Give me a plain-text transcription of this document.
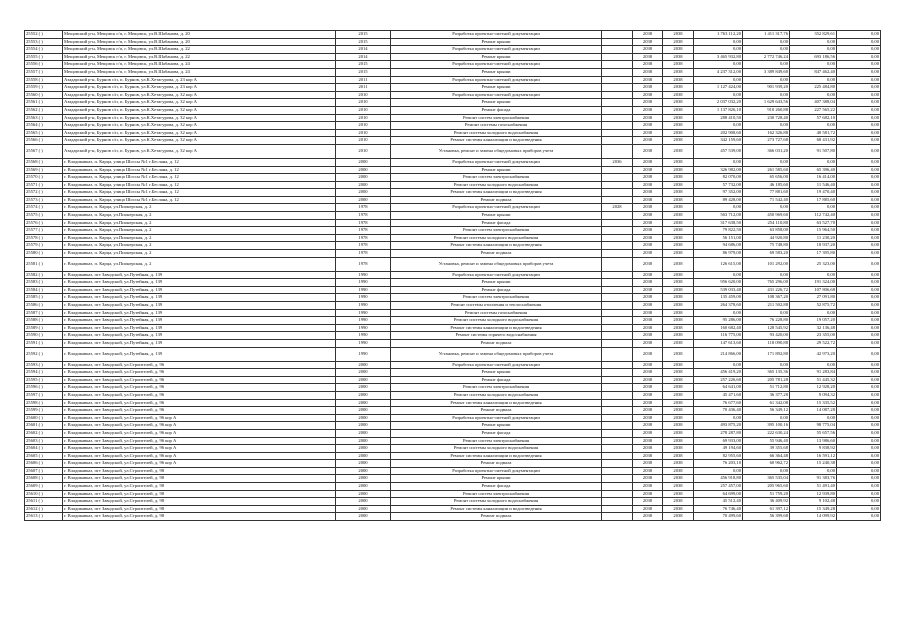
25552 ( )	Мещовский р-н, Мещовск г/п, г. Мещовск, ул.В.Шабанова, д. 20	2015	Разработка проектно-сметной документации		2038	2038	1 763 112,20	1 411 317,76	352 829,61	0,00
25553 ( )	Мещовский р-н, Мещовск г/п, г. Мещовск, ул.В.Шабанова, д. 20	2015	Ремонт крыши		2038	2038	0,00	0,00	0,00	0,00
25554 ( )	Мещовский р-н, Мещовск г/п, г. Мещовск, ул.В.Шабанова, д. 22	2014	Разработка проектно-сметной документации		2038	2038	0,00	0,00	0,00	0,00
25555 ( )	Мещовский р-н, Мещовск г/п, г. Мещовск, ул.В.Шабанова, д. 22	2014	Ремонт крыши		2038	2038	3 465 932,80	2 772 746,24	693 186,56	0,00
25556 ( )	Мещовский р-н, Мещовск г/п, г. Мещовск, ул.В.Шабанова, д. 24	2015	Разработка проектно-сметной документации		2038	2038	0,00	0,00	0,00	0,00
25557 ( )	Мещовский р-н, Мещовск г/п, г. Мещовск, ул.В.Шабанова, д. 24	2015	Ремонт крыши		2038	2038	4 237 312,00	3 389 849,60	847 462,40	0,00
25558 ( )	Азадарский р-н, Бурнов с/п, п. Бурнов, ул.К.Хетагурова, д. 23 кор А	2011	Разработка проектно-сметной документации		2038	2038	0,00	0,00	0,00	0,00
25559 ( )	Азадарский р-н, Бурнов с/п, п. Бурнов, ул.К.Хетагурова, д. 23 кор А	2011	Ремонт крыши		2038	2038	1 127 424,00	901 939,20	225 484,80	0,00
25560 ( )	Азадарский р-н, Бурнов с/п, п. Бурнов, ул.К.Хетагурова, д. 32 кор А	2010	Разработка проектно-сметной документации		2038	2038	0,00	0,00	0,00	0,00
25561 ( )	Азадарский р-н, Бурнов с/п, п. Бурнов, ул.К.Хетагурова, д. 32 кор А	2010	Ремонт крыши		2038	2038	2 037 032,20	1 629 643,56	407 388,04	0,00
25562 ( )	Азадарский р-н, Бурнов с/п, п. Бурнов, ул.К.Хетагурова, д. 32 кор А	2010	Ремонт фасада		2038	2038	1 137 826,10	910 260,88	227 565,22	0,00
25563 ( )	Азадарский р-н, Бурнов с/п, п. Бурнов, ул.К.Хетагурова, д. 32 кор А	2010	Ремонт систем электроснабжения		2038	2038	288 410,50	230 728,40	57 682,10	0,00
25564 ( )	Азадарский р-н, Бурнов с/п, п. Бурнов, ул.К.Хетагурова, д. 32 кор А	2010	Ремонт системы газоснабжения		2038	2038	0,00	0,00	0,00	0,00
25565 ( )	Азадарский р-н, Бурнов с/п, п. Бурнов, ул.К.Хетагурова, д. 32 кор А	2010	Ремонт системы холодного водоснабжения		2038	2038	202 908,60	162 326,88	40 581,72	0,00
25566 ( )	Азадарский р-н, Бурнов с/п, п. Бурнов, ул.К.Хетагурова, д. 32 кор А	2010	Ремонт системы канализации и водоотведения		2038	2038	342 159,60	273 727,68	68 431,92	0,00
25567 ( )	Азадарский р-н, Бурнов с/п, п. Бурнов, ул.К.Хетагурова, д. 32 кор А	2010	Установка, ремонт и замена общедомовых приборов учета		2038	2038	457 539,00	366 031,20	91 507,80	0,00
25568 ( )	г. Владикавказ, п. Карца, улица Шоссы №1 г.Беслана, д. 12	2000	Разработка проектно-сметной документации	2036	2038	2038	0,00	0,00	0,00	0,00
25569 ( )	г. Владикавказ, п. Карца, улица Шоссы №1 г.Беслана, д. 12	2000	Ремонт крыши		2038	2038	326 982,00	261 585,60	65 396,40	0,00
25570 ( )	г. Владикавказ, п. Карца, улица Шоссы №1 г.Беслана, д. 12	2000	Ремонт систем электроснабжения		2038	2038	82 070,00	65 656,00	16 414,00	0,00
25571 ( )	г. Владикавказ, п. Карца, улица Шоссы №1 г.Беслана, д. 12	2000	Ремонт системы холодного водоснабжения		2038	2038	57 732,00	46 185,60	11 546,40	0,00
25572 ( )	г. Владикавказ, п. Карца, улица Шоссы №1 г.Беслана, д. 12	2000	Ремонт системы канализации и водоотведения		2038	2038	97 352,00	77 881,60	19 470,40	0,00
25573 ( )	г. Владикавказ, п. Карца, улица Шоссы №1 г.Беслана, д. 12	2000	Ремонт подвала		2038	2038	89 428,00	71 542,40	17 885,60	0,00
25574 ( )	г. Владикавказ, п. Карца, ул.Пионерская, д. 2	1978	Разработка проектно-сметной документации	2028	2038	2038	0,00	0,00	0,00	0,00
25575 ( )	г. Владикавказ, п. Карца, ул.Пионерская, д. 2	1978	Ремонт крыши		2038	2038	563 712,00	450 969,60	112 742,40	0,00
25576 ( )	г. Владикавказ, п. Карца, ул.Пионерская, д. 2	1978	Ремонт фасада		2038	2038	317 638,50	254 110,80	63 527,70	0,00
25577 ( )	г. Владикавказ, п. Карца, ул.Пионерская, д. 2	1978	Ремонт систем электроснабжения		2038	2038	79 822,50	63 858,00	15 964,50	0,00
25578 ( )	г. Владикавказ, п. Карца, ул.Пионерская, д. 2	1978	Ремонт системы холодного водоснабжения		2038	2038	56 151,00	44 920,80	11 230,20	0,00
25579 ( )	г. Владикавказ, п. Карца, ул.Пионерская, д. 2	1978	Ремонт системы канализации и водоотведения		2038	2038	94 686,00	75 748,80	18 937,20	0,00
25580 ( )	г. Владикавказ, п. Карца, ул.Пионерская, д. 2	1978	Ремонт подвала		2038	2038	86 979,00	69 583,20	17 395,80	0,00
25581 ( )	г. Владикавказ, п. Карца, ул.Пионерская, д. 2	1978	Установка, ремонт и замена общедомовых приборов учета		2038	2038	126 615,00	101 292,00	25 323,00	0,00
25582 ( )	г. Владикавказ, пгт Заводской, ул.Путейная, д. 139	1990	Разработка проектно-сметной документации		2038	2038	0,00	0,00	0,00	0,00
25583 ( )	г. Владикавказ, пгт Заводской, ул.Путейная, д. 139	1990	Ремонт крыши		2038	2038	956 620,00	765 296,00	191 324,00	0,00
25584 ( )	г. Владикавказ, пгт Заводской, ул.Путейная, д. 139	1990	Ремонт фасада		2038	2038	539 033,40	431 226,72	107 806,68	0,00
25585 ( )	г. Владикавказ, пгт Заводской, ул.Путейная, д. 139	1990	Ремонт систем электроснабжения		2038	2038	135 459,00	108 367,20	27 091,80	0,00
25586 ( )	г. Владикавказ, пгт Заводской, ул.Путейная, д. 139	1990	Ремонт системы отопления и теплоснабжения		2038	2038	264 378,60	211 502,88	52 875,72	0,00
25587 ( )	г. Владикавказ, пгт Заводской, ул.Путейная, д. 139	1990	Ремонт системы газоснабжения		2038	2038	0,00	0,00	0,00	0,00
25588 ( )	г. Владикавказ, пгт Заводской, ул.Путейная, д. 139	1990	Ремонт системы холодного водоснабжения		2038	2038	95 286,00	76 228,80	19 057,20	0,00
25589 ( )	г. Владикавказ, пгт Заводской, ул.Путейная, д. 139	1990	Ремонт системы канализации и водоотведения		2038	2038	160 682,40	128 545,92	32 136,48	0,00
25590 ( )	г. Владикавказ, пгт Заводской, ул.Путейная, д. 139	1990	Ремонт системы горячего водоснабжения		2038	2038	116 775,00	93 420,00	23 355,00	0,00
25591 ( )	г. Владикавказ, пгт Заводской, ул.Путейная, д. 139	1990	Ремонт подвала		2038	2038	147 613,60	118 090,88	29 522,72	0,00
25592 ( )	г. Владикавказ, пгт Заводской, ул.Путейная, д. 139	1990	Установка, ремонт и замена общедомовых приборов учета		2038	2038	214 866,00	171 892,80	42 973,20	0,00
25593 ( )	г. Владикавказ, пгт Заводской, ул.Строителей, д. 96	2000	Разработка проектно-сметной документации		2038	2038	0,00	0,00	0,00	0,00
25594 ( )	г. Владикавказ, пгт Заводской, ул.Строителей, д. 96	2000	Ремонт крыши		2038	2038	456 419,20	365 135,36	91 283,84	0,00
25595 ( )	г. Владикавказ, пгт Заводской, ул.Строителей, д. 96	2000	Ремонт фасада		2038	2038	257 226,60	205 781,28	51 445,32	0,00
25596 ( )	г. Владикавказ, пгт Заводской, ул.Строителей, д. 96	2000	Ремонт систем электроснабжения		2038	2038	64 641,00	51 712,80	12 928,20	0,00
25597 ( )	г. Владикавказ, пгт Заводской, ул.Строителей, д. 96	2000	Ремонт системы холодного водоснабжения		2038	2038	45 471,60	36 377,28	9 094,32	0,00
25598 ( )	г. Владикавказ, пгт Заводской, ул.Строителей, д. 96	2000	Ремонт системы канализации и водоотведения		2038	2038	76 677,60	61 342,08	15 335,52	0,00
25599 ( )	г. Владикавказ, пгт Заводской, ул.Строителей, д. 96	2000	Ремонт подвала		2038	2038	70 436,40	56 349,12	14 087,28	0,00
25600 ( )	г. Владикавказ, пгт Заводской, ул.Строителей, д. 96 кор А	2000	Разработка проектно-сметной документации		2038	2038	0,00	0,00	0,00	0,00
25601 ( )	г. Владикавказ, пгт Заводской, ул.Строителей, д. 96 кор А	2000	Ремонт крыши		2038	2038	493 875,20	395 100,16	98 775,04	0,00
25602 ( )	г. Владикавказ, пгт Заводской, ул.Строителей, д. 96 кор А	2000	Ремонт фасада		2038	2038	278 287,80	222 630,24	55 657,56	0,00
25603 ( )	г. Владикавказ, пгт Заводской, ул.Строителей, д. 96 кор А	2000	Ремонт систем электроснабжения		2038	2038	69 933,00	55 946,40	13 986,60	0,00
25604 ( )	г. Владикавказ, пгт Заводской, ул.Строителей, д. 96 кор А	2000	Ремонт системы холодного водоснабжения		2038	2038	49 194,60	39 355,68	9 838,92	0,00
25605 ( )	г. Владикавказ, пгт Заводской, ул.Строителей, д. 96 кор А	2000	Ремонт системы канализации и водоотведения		2038	2038	82 955,60	66 364,48	16 591,12	0,00
25606 ( )	г. Владикавказ, пгт Заводской, ул.Строителей, д. 96 кор А	2000	Ремонт подвала		2038	2038	76 203,10	60 962,72	15 240,38	0,00
25607 ( )	г. Владикавказ, пгт Заводской, ул.Строителей, д. 98	2000	Разработка проектно-сметной документации		2038	2038	0,00	0,00	0,00	0,00
25608 ( )	г. Владикавказ, пгт Заводской, ул.Строителей, д. 98	2000	Ремонт крыши		2038	2038	456 918,80	365 535,04	91 383,76	0,00
25609 ( )	г. Владикавказ, пгт Заводской, ул.Строителей, д. 98	2000	Ремонт фасада		2038	2038	257 457,00	205 965,60	51 491,40	0,00
25610 ( )	г. Владикавказ, пгт Заводской, ул.Строителей, д. 98	2000	Ремонт систем электроснабжения		2038	2038	64 699,00	51 759,20	12 939,80	0,00
25611 ( )	г. Владикавказ, пгт Заводской, ул.Строителей, д. 98	2000	Ремонт системы холодного водоснабжения		2038	2038	45 512,40	36 409,92	9 102,48	0,00
25612 ( )	г. Владикавказ, пгт Заводской, ул.Строителей, д. 98	2000	Ремонт системы канализации и водоотведения		2038	2038	76 746,40	61 397,12	15 349,28	0,00
25613 ( )	г. Владикавказ, пгт Заводской, ул.Строителей, д. 98	2000	Ремонт подвала		2038	2038	70 499,60	56 399,68	14 099,92	0,00
